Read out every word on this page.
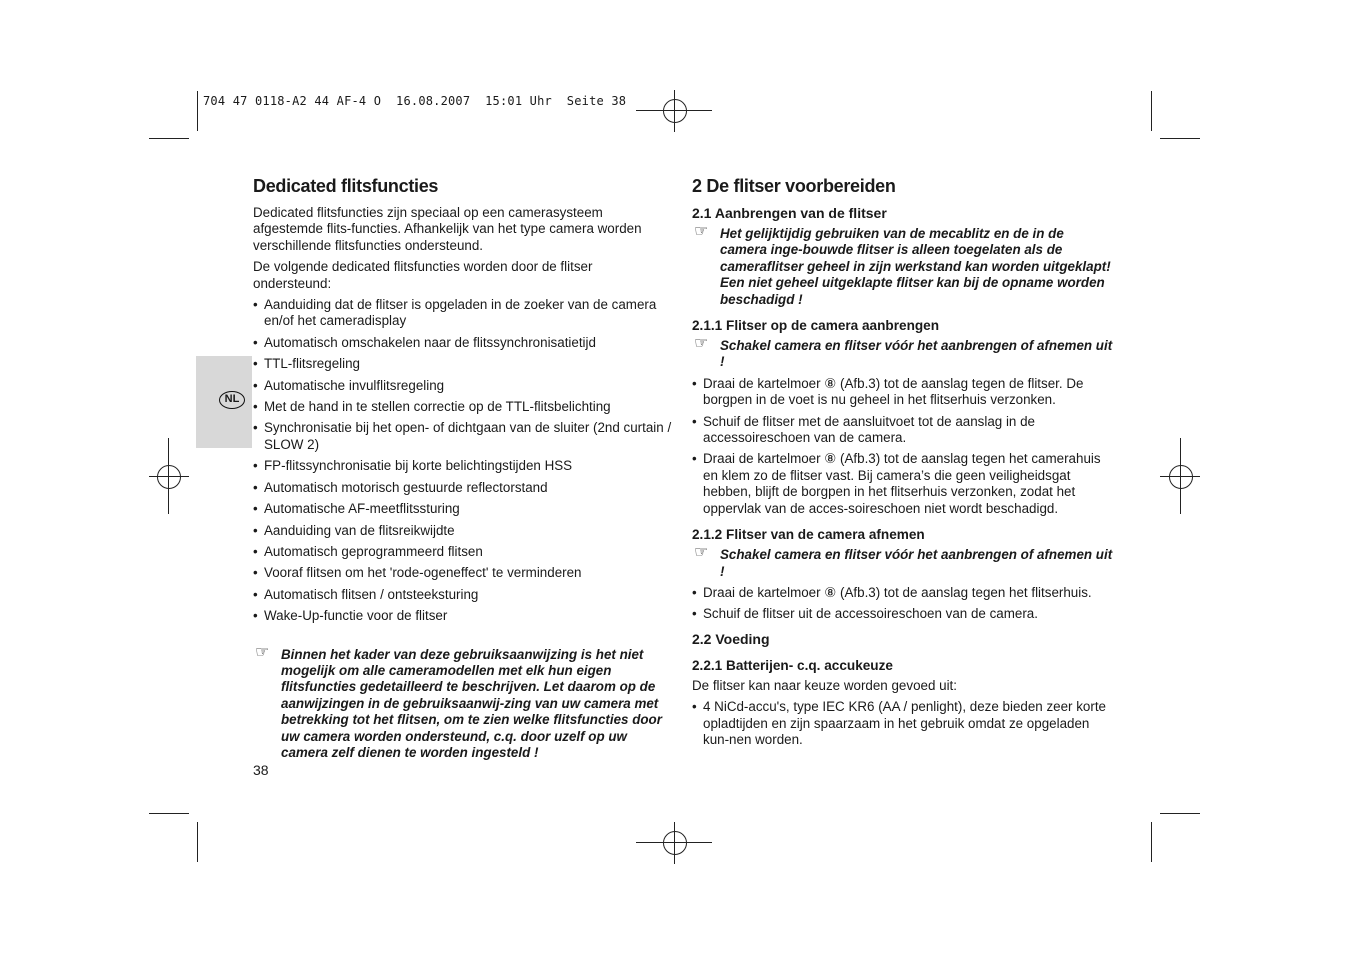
704 47 0118-A2 44 AF-4 O  16.08.2007  15:01 Uhr  Seite 38
NL
Dedicated flitsfuncties

Dedicated flitsfuncties zijn speciaal op een camerasysteem afgestemde flits-functies. Afhankelijk van het type camera worden verschillende flitsfuncties ondersteund.

De volgende dedicated flitsfuncties worden door de flitser ondersteund:

• Aanduiding dat de flitser is opgeladen in de zoeker van de camera en/of het cameradisplay
• Automatisch omschakelen naar de flitssynchronisatietijd
• TTL-flitsregeling
• Automatische invulflitsregeling
• Met de hand in te stellen correctie op de TTL-flitsbelichting
• Synchronisatie bij het open- of dichtgaan van de sluiter (2nd curtain / SLOW 2)
• FP-flitssynchronisatie bij korte belichtingstijden HSS
• Automatisch motorisch gestuurde reflectorstand
• Automatische AF-meetflitssturing
• Aanduiding van de flitsreikwijdte
• Automatisch geprogrammeerd flitsen
• Vooraf flitsen om het 'rode-ogeneffect' te verminderen
• Automatisch flitsen / ontsteeksturing
• Wake-Up-functie voor de flitser
☞ Binnen het kader van deze gebruiksaanwijzing is het niet mogelijk om alle cameramodellen met elk hun eigen flitsfuncties gedetailleerd te beschrijven. Let daarom op de aanwijzingen in de gebruiksaanwij-zing van uw camera met betrekking tot het flitsen, om te zien welke flitsfuncties door uw camera worden ondersteund, c.q. door uzelf op uw camera zelf dienen te worden ingesteld !
38
2 De flitser voorbereiden
2.1 Aanbrengen van de flitser
☞ Het gelijktijdig gebruiken van de mecablitz en de in de camera inge-bouwde flitser is alleen toegelaten als de cameraflitser geheel in zijn werkstand kan worden uitgeklapt! Een niet geheel uitgeklapte flitser kan bij de opname worden beschadigd !
2.1.1 Flitser op de camera aanbrengen
☞ Schakel camera en flitser vóór het aanbrengen of afnemen uit !
• Draai de kartelmoer ⑧ (Afb.3) tot de aanslag tegen de flitser. De borgpen in de voet is nu geheel in het flitserhuis verzonken.
• Schuif de flitser met de aansluitvoet tot de aanslag in de accessoireschoen van de camera.
• Draai de kartelmoer ⑧ (Afb.3) tot de aanslag tegen het camerahuis en klem zo de flitser vast. Bij camera’s die geen veiligheidsgat hebben, blijft de borgpen in het flitserhuis verzonken, zodat het oppervlak van de acces-soireschoen niet wordt beschadigd.
2.1.2 Flitser van de camera afnemen
☞ Schakel camera en flitser vóór het aanbrengen of afnemen uit !
• Draai de kartelmoer ⑧ (Afb.3) tot de aanslag tegen het flitserhuis.
• Schuif de flitser uit de accessoireschoen van de camera.
2.2 Voeding
2.2.1 Batterijen- c.q. accukeuze

De flitser kan naar keuze worden gevoed uit:

• 4 NiCd-accu's, type IEC KR6 (AA / penlight), deze bieden zeer korte opladtijden en zijn spaarzaam in het gebruik omdat ze opgeladen kun-nen worden.
